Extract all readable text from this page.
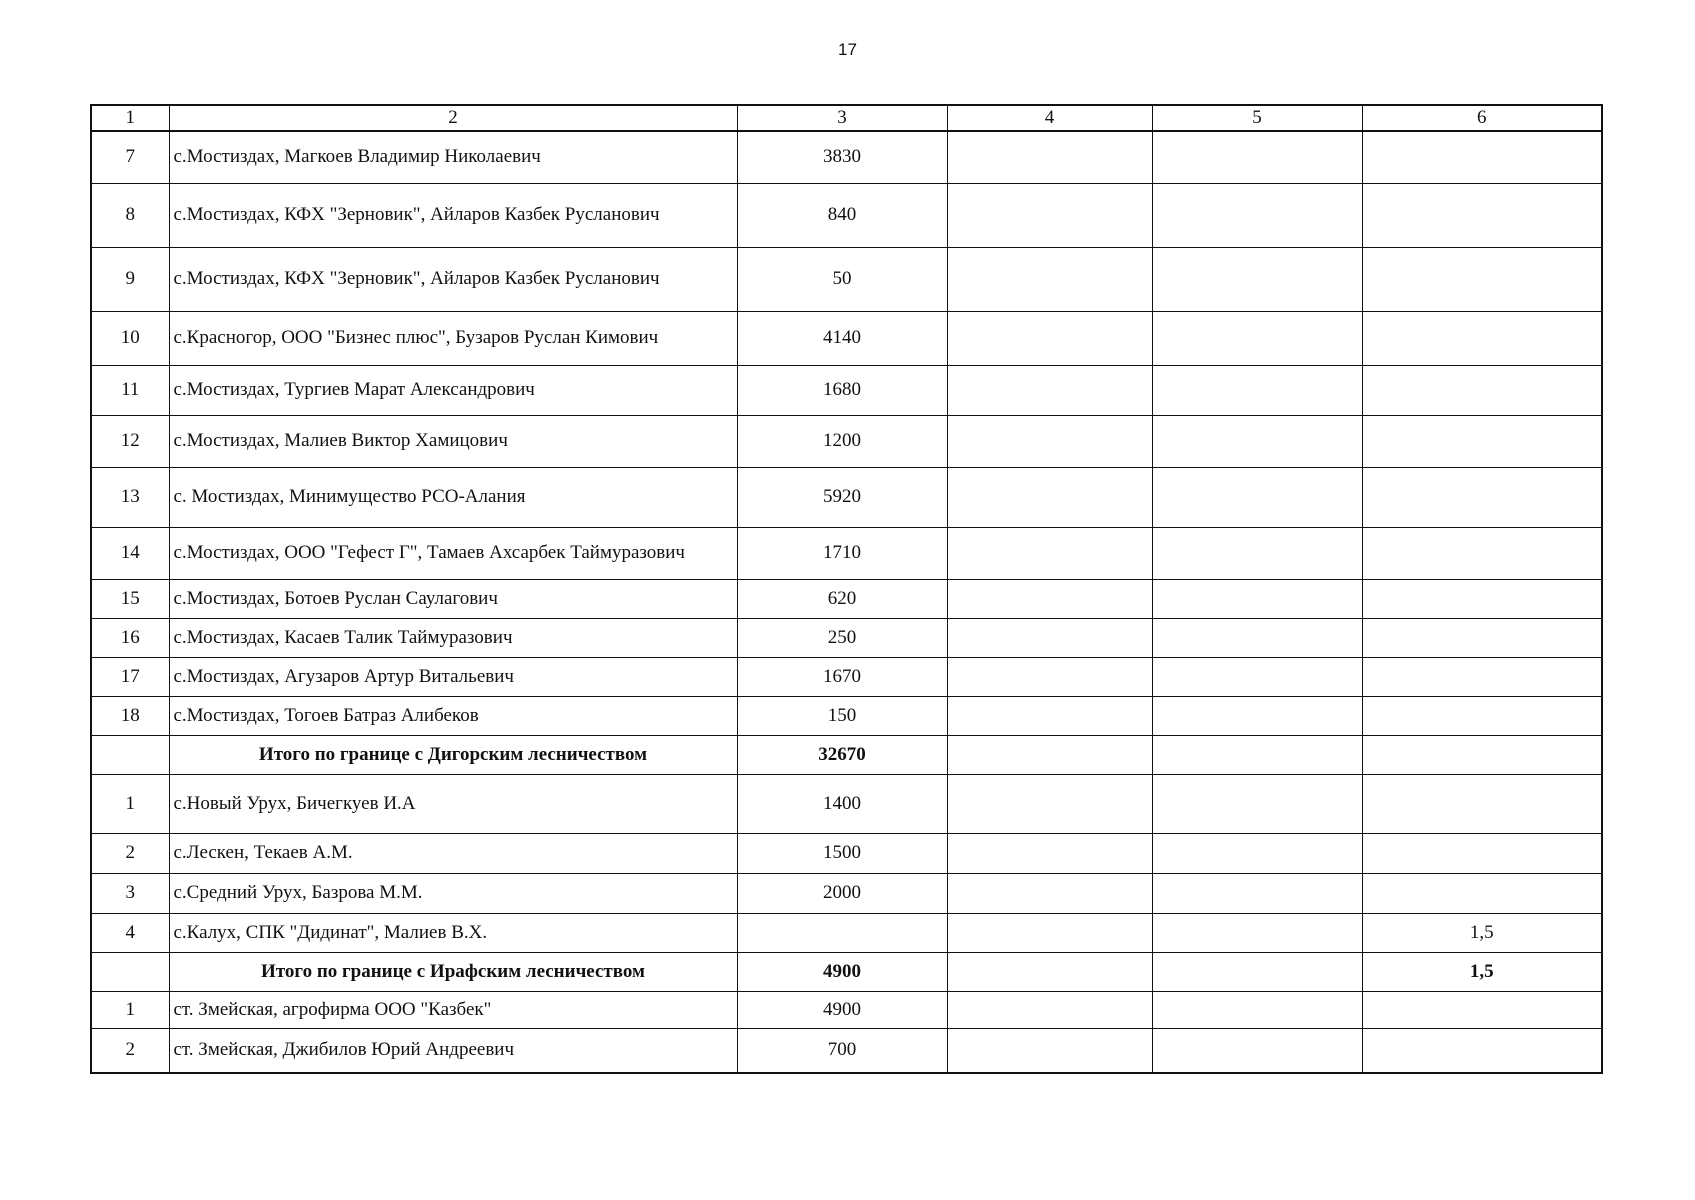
17
1	2	3	4	5	6
7	с.Мостиздах, Магкоев Владимир Николаевич	3830			
8	с.Мостиздах, КФХ "Зерновик", Айларов Казбек Русланович	840			
9	с.Мостиздах, КФХ "Зерновик", Айларов Казбек Русланович	50			
10	с.Красногор, ООО "Бизнес плюс", Бузаров Руслан Кимович	4140			
11	с.Мостиздах, Тургиев Марат Александрович	1680			
12	с.Мостиздах, Малиев Виктор Хамицович	1200			
13	с. Мостиздах, Минимущество РСО-Алания	5920			
14	с.Мостиздах, ООО "Гефест Г", Тамаев Ахсарбек Таймуразович	1710			
15	с.Мостиздах, Ботоев Руслан Саулагович	620			
16	с.Мостиздах, Касаев Талик Таймуразович	250			
17	с.Мостиздах, Агузаров Артур Витальевич	1670			
18	с.Мостиздах, Тогоев Батраз Алибеков	150			
	Итого по границе с Дигорским лесничеством	32670			
1	с.Новый Урух, Бичегкуев И.А	1400			
2	с.Лескен, Текаев А.М.	1500			
3	с.Средний Урух, Базрова М.М.	2000			
4	с.Калух, СПК "Дидинат", Малиев В.Х.				1,5
	Итого по границе с Ирафским лесничеством	4900			1,5
1	ст. Змейская, агрофирма ООО "Казбек"	4900			
2	ст. Змейская, Джибилов Юрий Андреевич	700			
